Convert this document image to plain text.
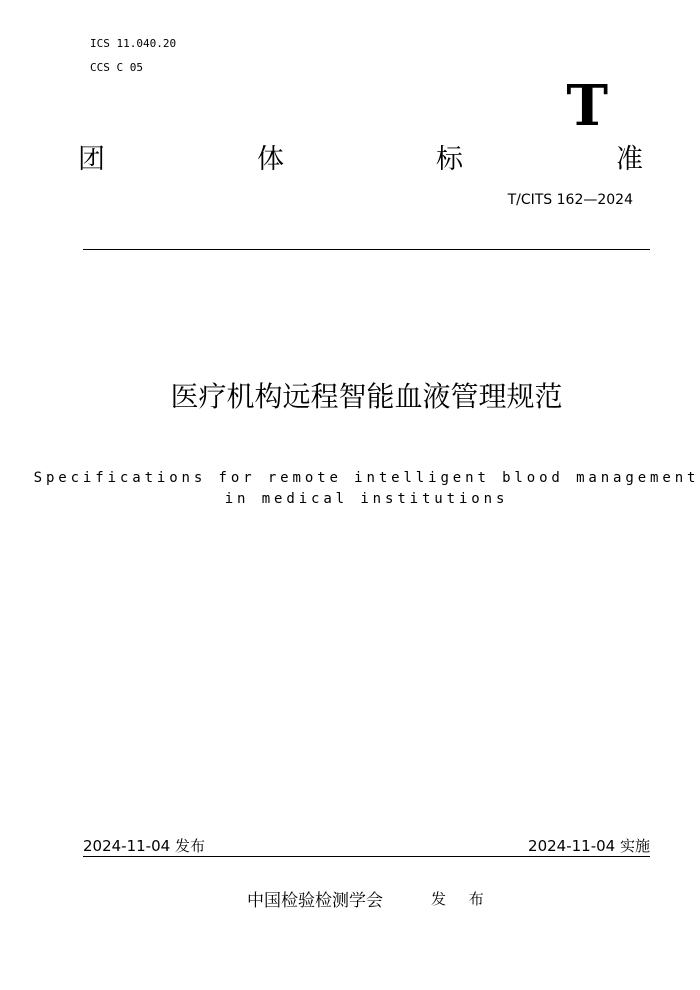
ICS 11.040.20
CCS C 05
T
团	体	标	准
T/CITS 162—2024
医疗机构远程智能血液管理规范
Specifications for remote intelligent blood management
in medical institutions
2024-11-04 发布	2024-11-04 实施
中国检验检测学会	发 布
